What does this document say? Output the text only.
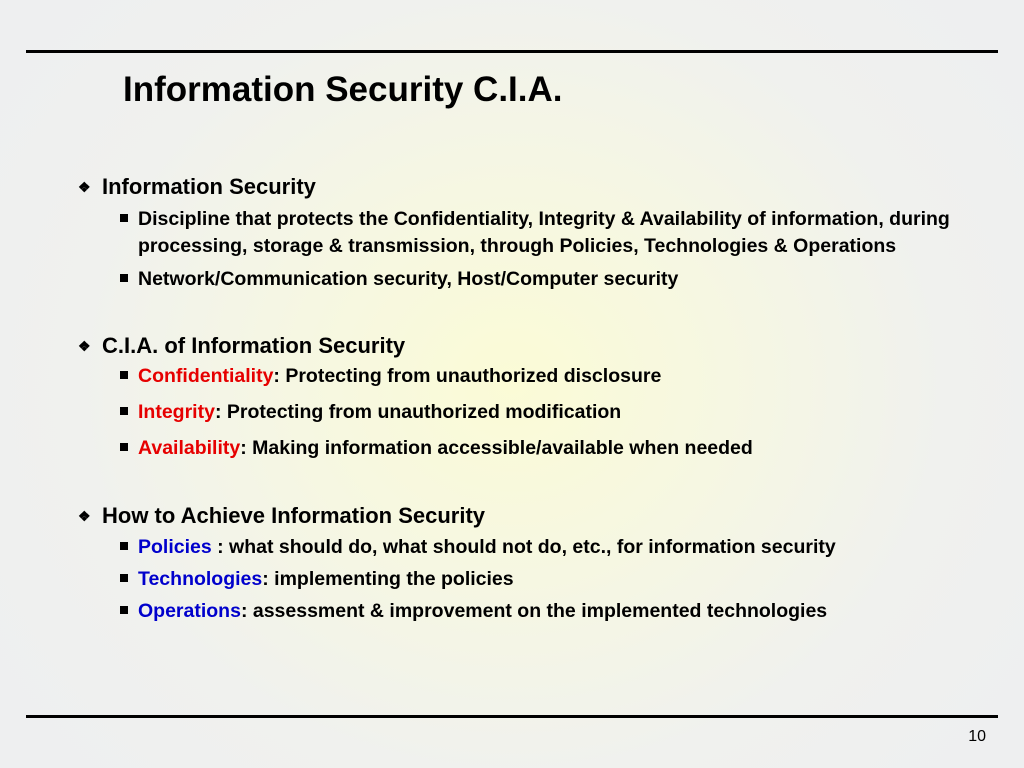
Information Security C.I.A.
❖ Information Security
Discipline that protects the Confidentiality, Integrity & Availability of information, during processing, storage & transmission, through Policies, Technologies & Operations
Network/Communication security, Host/Computer security
❖ C.I.A. of Information Security
Confidentiality: Protecting from unauthorized disclosure
Integrity: Protecting from unauthorized modification
Availability: Making information accessible/available when needed
❖ How to Achieve Information Security
Policies : what should do, what should not do, etc., for information security
Technologies: implementing the policies
Operations: assessment & improvement on the implemented technologies
10
